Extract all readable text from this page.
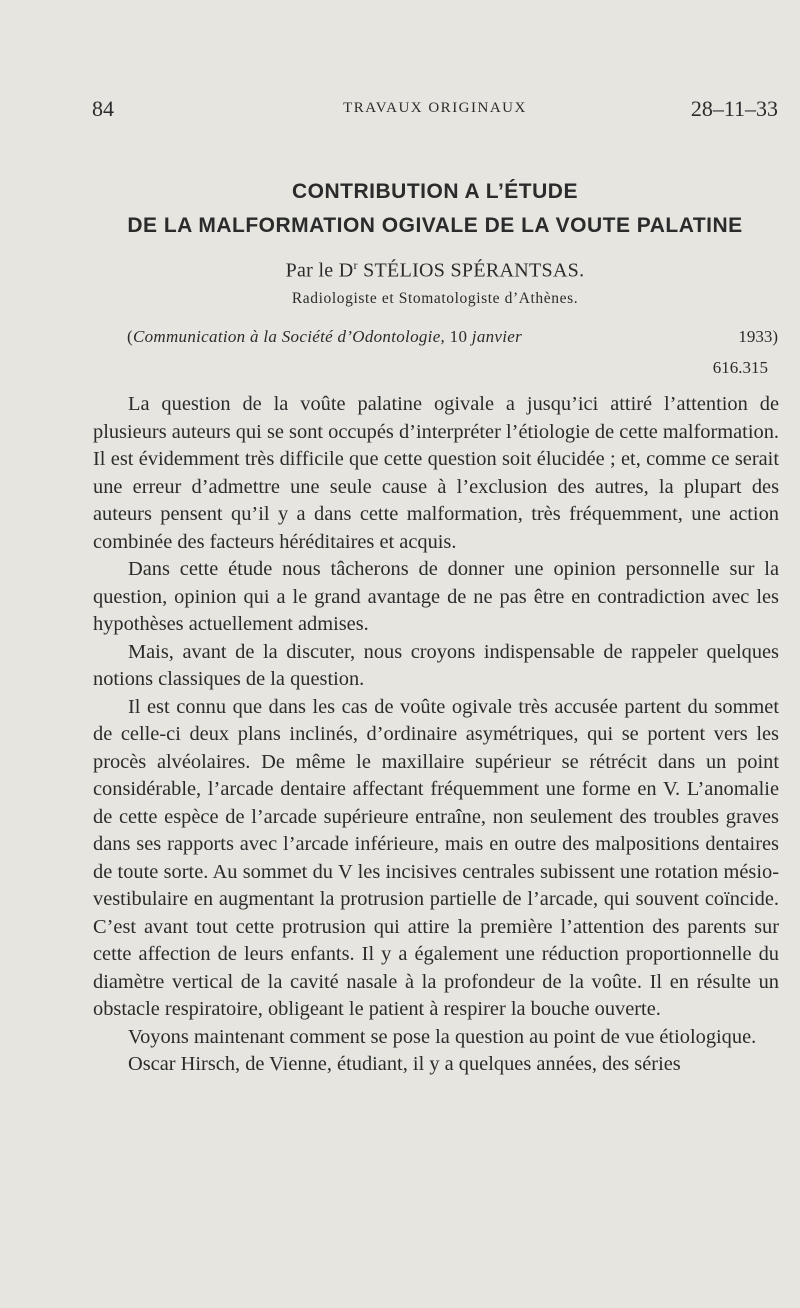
84	TRAVAUX ORIGINAUX	28–11–33
CONTRIBUTION A L’ÉTUDE
DE LA MALFORMATION OGIVALE DE LA VOUTE PALATINE
Par le $D^r$ STÉLIOS SPÉRANTSAS.
Radiologiste et Stomatologiste d’Athènes.
(Communication à la Société d’Odontologie, 10 janvier	1933)
616.315

La question de la voûte palatine ogivale a jusqu’ici attiré l’attention de plusieurs auteurs qui se sont occupés d’interpréter l’étiologie de cette malformation. Il est évidemment très difficile que cette question soit élucidée ; et, comme ce serait une erreur d’admettre une seule cause à l’exclusion des autres, la plupart des auteurs pensent qu’il y a dans cette malformation, très fréquemment, une action combinée des facteurs héréditaires et acquis.

Dans cette étude nous tâcherons de donner une opinion personnelle sur la question, opinion qui a le grand avantage de ne pas être en contradiction avec les hypothèses actuellement admises.

Mais, avant de la discuter, nous croyons indispensable de rappeler quelques notions classiques de la question.

Il est connu que dans les cas de voûte ogivale très accusée partent du sommet de celle-ci deux plans inclinés, d’ordinaire asymétriques, qui se portent vers les procès alvéolaires. De même le maxillaire supérieur se rétrécit dans un point considérable, l’arcade dentaire affectant fréquemment une forme en V. L’anomalie de cette espèce de l’arcade supérieure entraîne, non seulement des troubles graves dans ses rapports avec l’arcade inférieure, mais en outre des malpositions dentaires de toute sorte. Au sommet du V les incisives centrales subissent une rotation mésio-vestibulaire en augmentant la protrusion partielle de l’arcade, qui souvent coïncide. C’est avant tout cette protrusion qui attire la première l’attention des parents sur cette affection de leurs enfants. Il y a également une réduction proportionnelle du diamètre vertical de la cavité nasale à la profondeur de la voûte. Il en résulte un obstacle respiratoire, obligeant le patient à respirer la bouche ouverte.

Voyons maintenant comment se pose la question au point de vue étiologique.

Oscar Hirsch, de Vienne, étudiant, il y a quelques années, des séries
